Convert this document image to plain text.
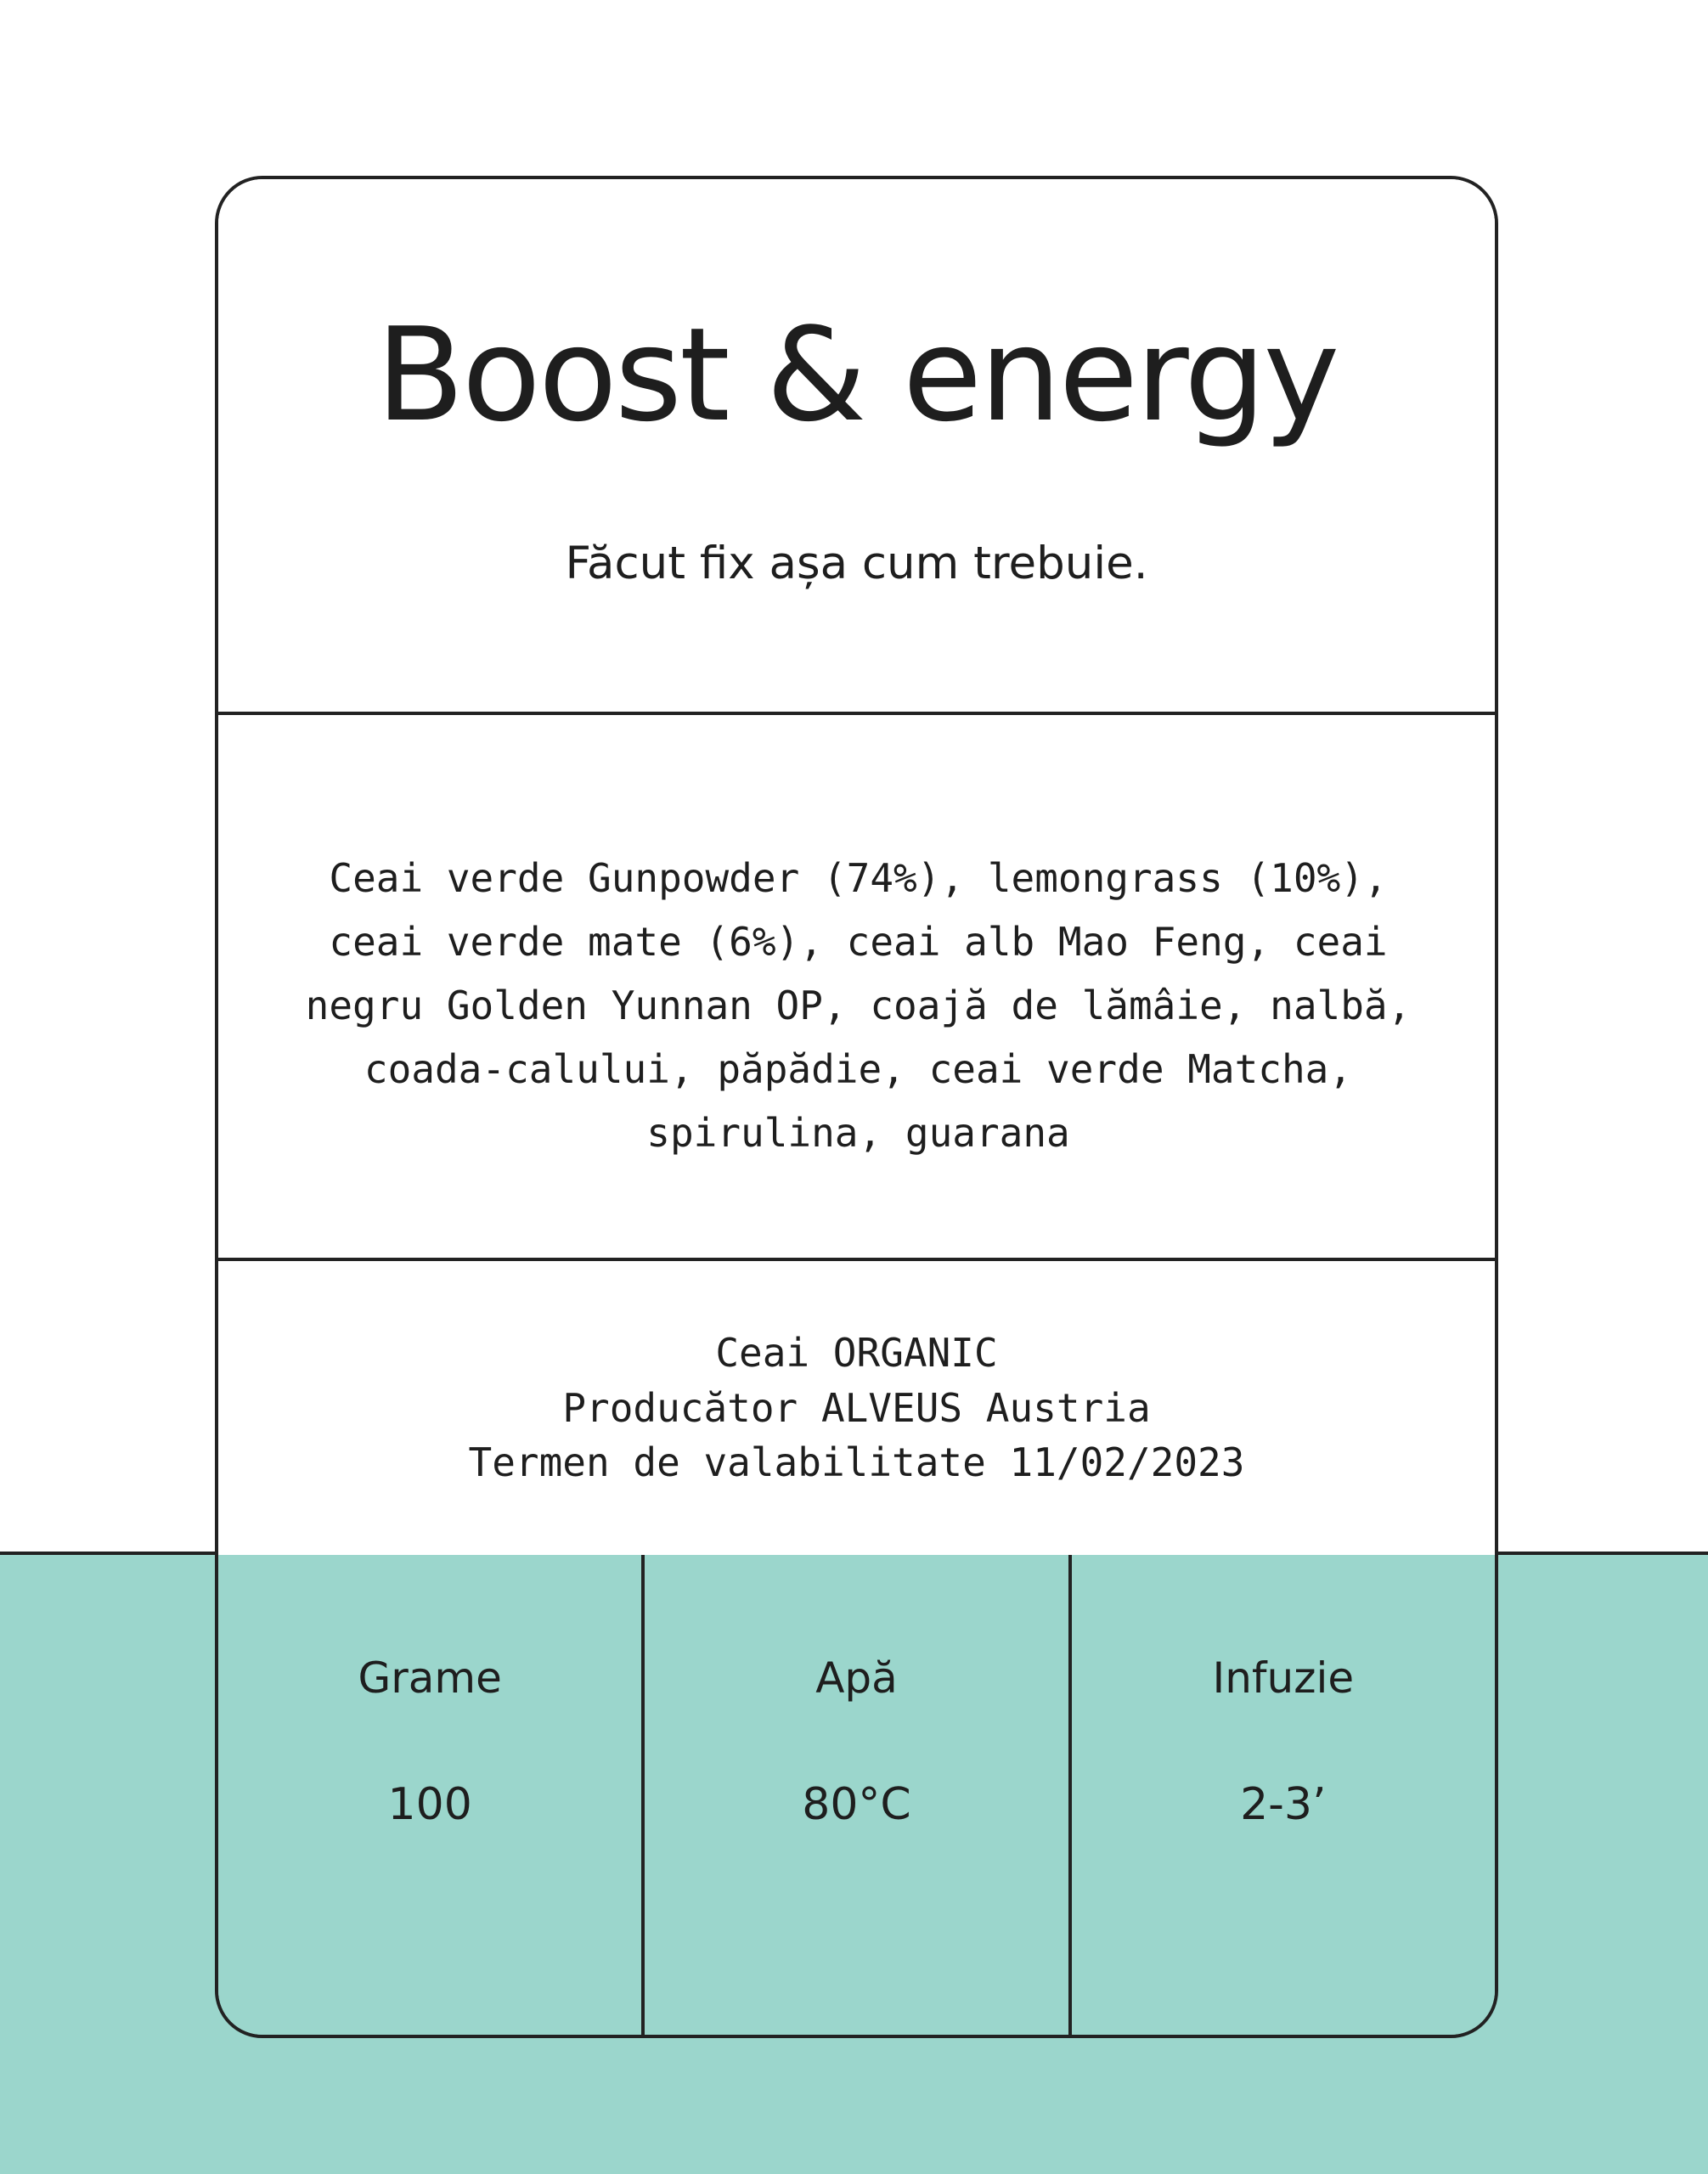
Boost & energy

Făcut fix așa cum trebuie.

Ceai verde Gunpowder (74%), lemongrass (10%), ceai verde mate (6%), ceai alb Mao Feng, ceai negru Golden Yunnan OP, coajă de lămâie, nalbă, coada-calului, păpădie, ceai verde Matcha, spirulina, guarana

Ceai ORGANIC

Producător ALVEUS Austria

Termen de valabilitate 11/02/2023

Grame

100

Apă

80°C

Infuzie

2-3’
